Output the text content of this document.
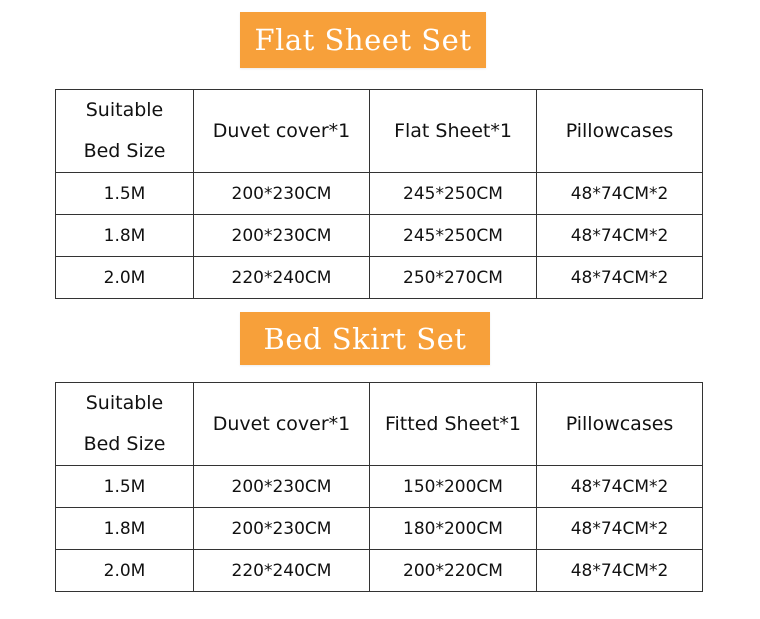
Flat Sheet Set
Suitable
Bed Size	Duvet cover*1	Flat Sheet*1	Pillowcases
1.5M	200*230CM	245*250CM	48*74CM*2
1.8M	200*230CM	245*250CM	48*74CM*2
2.0M	220*240CM	250*270CM	48*74CM*2
Bed Skirt Set
Suitable
Bed Size	Duvet cover*1	Fitted Sheet*1	Pillowcases
1.5M	200*230CM	150*200CM	48*74CM*2
1.8M	200*230CM	180*200CM	48*74CM*2
2.0M	220*240CM	200*220CM	48*74CM*2
